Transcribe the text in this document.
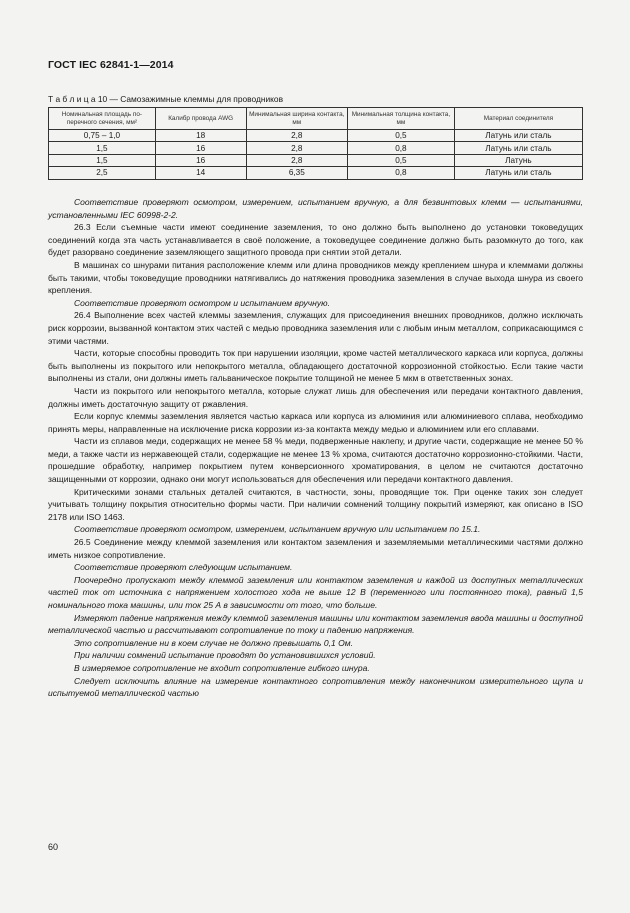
ГОСТ IEC 62841-1—2014
Т а б л и ц а 10 — Самозажимные клеммы для проводников
Номинальная площадь по-перечного сечения, мм²	Калибр провода AWG	Минимальная ширина контакта, мм	Минимальная толщина контакта, мм	Материал соединителя
0,75 – 1,0	18	2,8	0,5	Латунь или сталь
1,5	16	2,8	0,8	Латунь или сталь
1,5	16	2,8	0,5	Латунь
2,5	14	6,35	0,8	Латунь или сталь

Соответствие проверяют осмотром, измерением, испытанием вручную, а для безвинтовых клемм — испытаниями, установленными IEC 60998-2-2.

26.3 Если съемные части имеют соединение заземления, то оно должно быть выполнено до установки токоведущих соединений когда эта часть устанавливается в своё положение, а токоведущее соединение должно быть разомкнуто до того, как будет разорвано соединение заземляющего защитного провода при снятии этой детали.

В машинах со шнурами питания расположение клемм или длина проводников между креплением шнура и клеммами должны быть такими, чтобы токоведущие проводники натягивались до натяжения проводника заземления в случае выхода шнура из своего крепления.

Соответствие проверяют осмотром и испытанием вручную.

26.4 Выполнение всех частей клеммы заземления, служащих для присоединения внешних проводников, должно исключать риск коррозии, вызванной контактом этих частей с медью проводника заземления или с любым иным металлом, соприкасающимся с этими частями.

Части, которые способны проводить ток при нарушении изоляции, кроме частей металлического каркаса или корпуса, должны быть выполнены из покрытого или непокрытого металла, обладающего достаточной коррозионной стойкостью. Если такие части выполнены из стали, они должны иметь гальваническое покрытие толщиной не менее 5 мкм в ответственных зонах.

Части из покрытого или непокрытого металла, которые служат лишь для обеспечения или передачи контактного давления, должны иметь достаточную защиту от ржавления.

Если корпус клеммы заземления является частью каркаса или корпуса из алюминия или алюминиевого сплава, необходимо принять меры, направленные на исключение риска коррозии из-за контакта между медью и алюминием или его сплавами.

Части из сплавов меди, содержащих не менее 58 % меди, подверженные наклепу, и другие части, содержащие не менее 50 % меди, а также части из нержавеющей стали, содержащие не менее 13 % хрома, считаются достаточно коррозионно-стойкими. Части, прошедшие обработку, например покрытием путем конверсионного хроматирования, в целом не считаются достаточно защищенными от коррозии, однако они могут использоваться для обеспечения или передачи контактного давления.

Критическими зонами стальных деталей считаются, в частности, зоны, проводящие ток. При оценке таких зон следует учитывать толщину покрытия относительно формы части. При наличии сомнений толщину покрытий измеряют, как описано в ISO 2178 или ISO 1463.

Соответствие проверяют осмотром, измерением, испытанием вручную или испытанием по 15.1.

26.5 Соединение между клеммой заземления или контактом заземления и заземляемыми металлическими частями должно иметь низкое сопротивление.

Соответствие проверяют следующим испытанием.

Поочередно пропускают между клеммой заземления или контактом заземления и каждой из доступных металлических частей ток от источника с напряжением холостого хода не выше 12 В (переменного или постоянного тока), равный 1,5 номинального тока машины, или ток 25 А в зависимости от того, что больше.

Измеряют падение напряжения между клеммой заземления машины или контактом заземления ввода машины и доступной металлической частью и рассчитывают сопротивление по току и падению напряжения.

Это сопротивление ни в коем случае не должно превышать 0,1 Ом.

При наличии сомнений испытание проводят до установившихся условий.

В измеряемое сопротивление не входит сопротивление гибкого шнура.

Следует исключить влияние на измерение контактного сопротивления между наконечником измерительного щупа и испытуемой металлической частью

60
